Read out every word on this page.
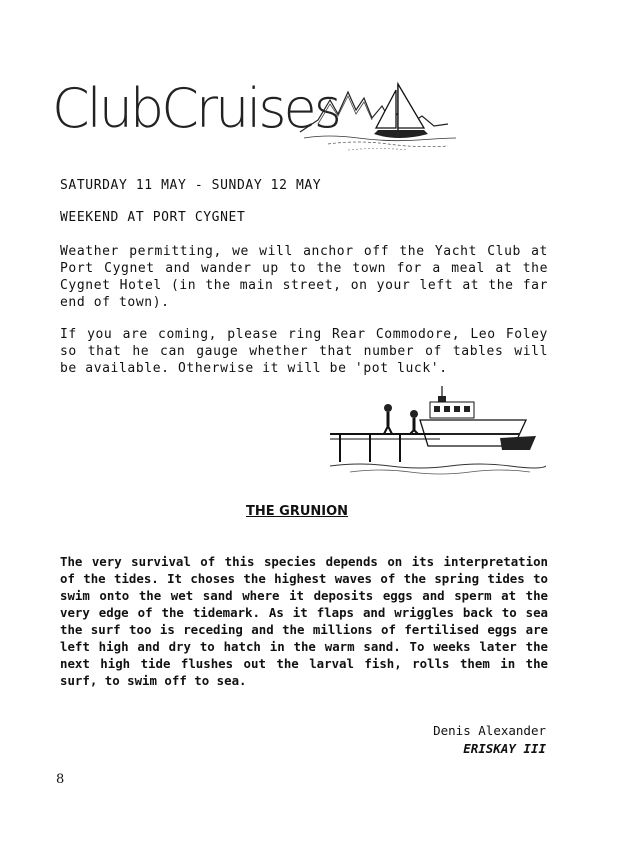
ClubCruises
SATURDAY 11 MAY - SUNDAY 12 MAY
WEEKEND AT PORT CYGNET
Weather permitting, we will anchor off the Yacht Club at Port Cygnet and wander up to the town for a meal at the Cygnet Hotel (in the main street, on your left at the far end of town).
If you are coming, please ring Rear Commodore, Leo Foley so that he can gauge whether that number of tables will be available. Otherwise it will be 'pot luck'.
THE GRUNION
The very survival of this species depends on its interpretation of the tides. It choses the highest waves of the spring tides to swim onto the wet sand where it deposits eggs and sperm at the very edge of the tidemark. As it flaps and wriggles back to sea the surf too is receding and the millions of fertilised eggs are left high and dry to hatch in the warm sand. To weeks later the next high tide flushes out the larval fish, rolls them in the surf, to swim off to sea.
Denis Alexander
ERISKAY III
8
